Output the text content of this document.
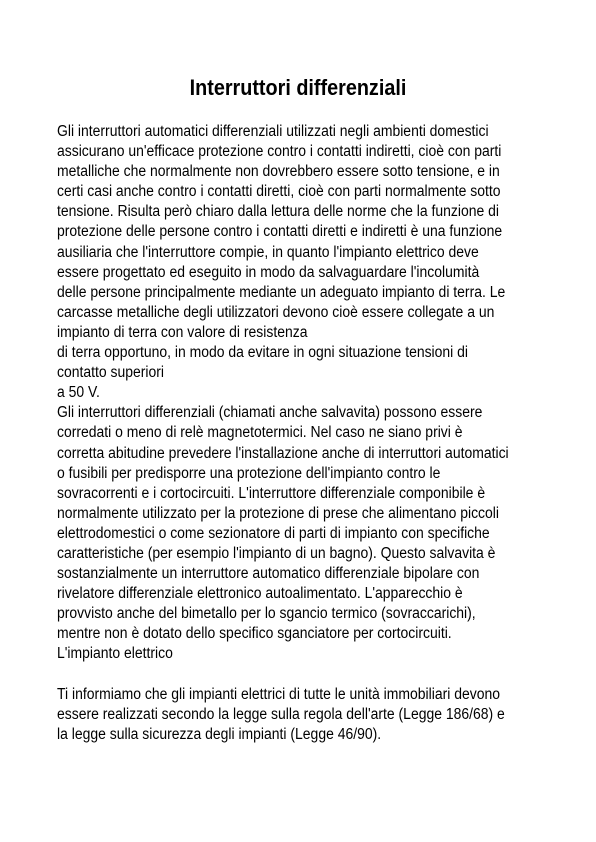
Interruttori differenziali
Gli interruttori automatici differenziali utilizzati negli ambienti domestici
assicurano un'efficace protezione contro i contatti indiretti, cioè con parti
metalliche che normalmente non dovrebbero essere sotto tensione, e in
certi casi anche contro i contatti diretti, cioè con parti normalmente sotto
tensione. Risulta però chiaro dalla lettura delle norme che la funzione di
protezione delle persone contro i contatti diretti e indiretti è una funzione
ausiliaria che l'interruttore compie, in quanto l'impianto elettrico deve
essere progettato ed eseguito in modo da salvaguardare l'incolumità
delle persone principalmente mediante un adeguato impianto di terra. Le
carcasse metalliche degli utilizzatori devono cioè essere collegate a un
impianto di terra con valore di resistenza
di terra opportuno, in modo da evitare in ogni situazione tensioni di
contatto superiori
a 50 V.
Gli interruttori differenziali (chiamati anche salvavita) possono essere
corredati o meno di relè magnetotermici. Nel caso ne siano privi è
corretta abitudine prevedere l'installazione anche di interruttori automatici
o fusibili per predisporre una protezione dell'impianto contro le
sovracorrenti e i cortocircuiti. L'interruttore differenziale componibile è
normalmente utilizzato per la protezione di prese che alimentano piccoli
elettrodomestici o come sezionatore di parti di impianto con specifiche
caratteristiche (per esempio l'impianto di un bagno). Questo salvavita è
sostanzialmente un interruttore automatico differenziale bipolare con
rivelatore differenziale elettronico autoalimentato. L'apparecchio è
provvisto anche del bimetallo per lo sgancio termico (sovraccarichi),
mentre non è dotato dello specifico sganciatore per cortocircuiti.
L'impianto elettrico
Ti informiamo che gli impianti elettrici di tutte le unità immobiliari devono
essere realizzati secondo la legge sulla regola dell'arte (Legge 186/68) e
la legge sulla sicurezza degli impianti (Legge 46/90).
